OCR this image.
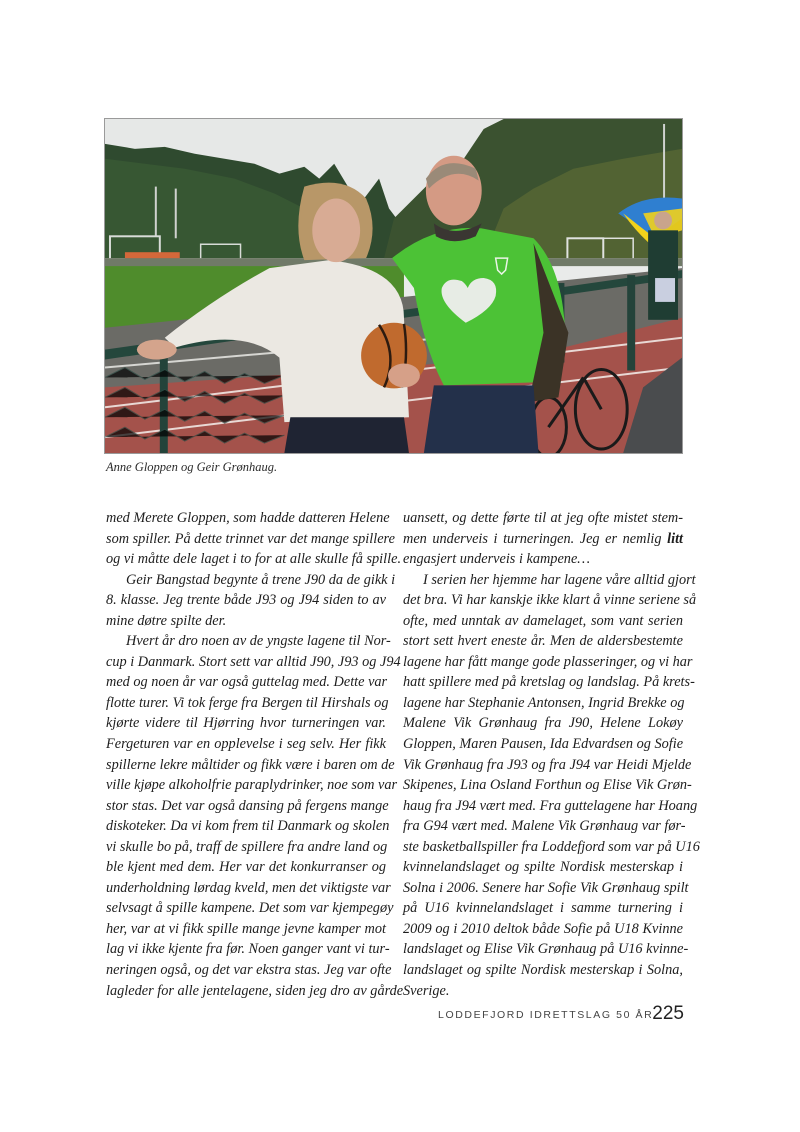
Anne Gloppen og Geir Grønhaug.
med Merete Gloppen, som hadde datteren Helene
som spiller. På dette trinnet var det mange spillere
og vi måtte dele laget i to for at alle skulle få spille.
Geir Bangstad begynte å trene J90 da de gikk i
8. klasse. Jeg trente både J93 og J94 siden to av
mine døtre spilte der.
Hvert år dro noen av de yngste lagene til Nor-
cup i Danmark. Stort sett var alltid J90, J93 og J94
med og noen år var også guttelag med. Dette var
flotte turer. Vi tok ferge fra Bergen til Hirshals og
kjørte videre til Hjørring hvor turneringen var.
Fergeturen var en opplevelse i seg selv. Her fikk
spillerne lekre måltider og fikk være i baren om de
ville kjøpe alkoholfrie paraplydrinker, noe som var
stor stas. Det var også dansing på fergens mange
diskoteker. Da vi kom frem til Danmark og skolen
vi skulle bo på, traff de spillere fra andre land og
ble kjent med dem. Her var det konkurranser og
underholdning lørdag kveld, men det viktigste var
selvsagt å spille kampene. Det som var kjempegøy
her, var at vi fikk spille mange jevne kamper mot
lag vi ikke kjente fra før. Noen ganger vant vi tur-
neringen også, og det var ekstra stas. Jeg var ofte
lagleder for alle jentelagene, siden jeg dro av gårde
uansett, og dette førte til at jeg ofte mistet stem-
men underveis i turneringen. Jeg er nemlig litt
engasjert underveis i kampene…
I serien her hjemme har lagene våre alltid gjort
det bra. Vi har kanskje ikke klart å vinne seriene så
ofte, med unntak av damelaget, som vant serien
stort sett hvert eneste år. Men de aldersbestemte
lagene har fått mange gode plasseringer, og vi har
hatt spillere med på kretslag og landslag. På krets-
lagene har Stephanie Antonsen, Ingrid Brekke og
Malene Vik Grønhaug fra J90, Helene Lokøy
Gloppen, Maren Pausen, Ida Edvardsen og Sofie
Vik Grønhaug fra J93 og fra J94 var Heidi Mjelde
Skipenes, Lina Osland Forthun og Elise Vik Grøn-
haug fra J94 vært med. Fra guttelagene har Hoang
fra G94 vært med. Malene Vik Grønhaug var før-
ste basketballspiller fra Loddefjord som var på U16
kvinnelandslaget og spilte Nordisk mesterskap i
Solna i 2006. Senere har Sofie Vik Grønhaug spilt
på U16 kvinnelandslaget i samme turnering i
2009 og i 2010 deltok både Sofie på U18 Kvinne
landslaget og Elise Vik Grønhaug på U16 kvinne-
landslaget og spilte Nordisk mesterskap i Solna,
Sverige.
LODDEFJORD IDRETTSLAG 50 ÅR
225
